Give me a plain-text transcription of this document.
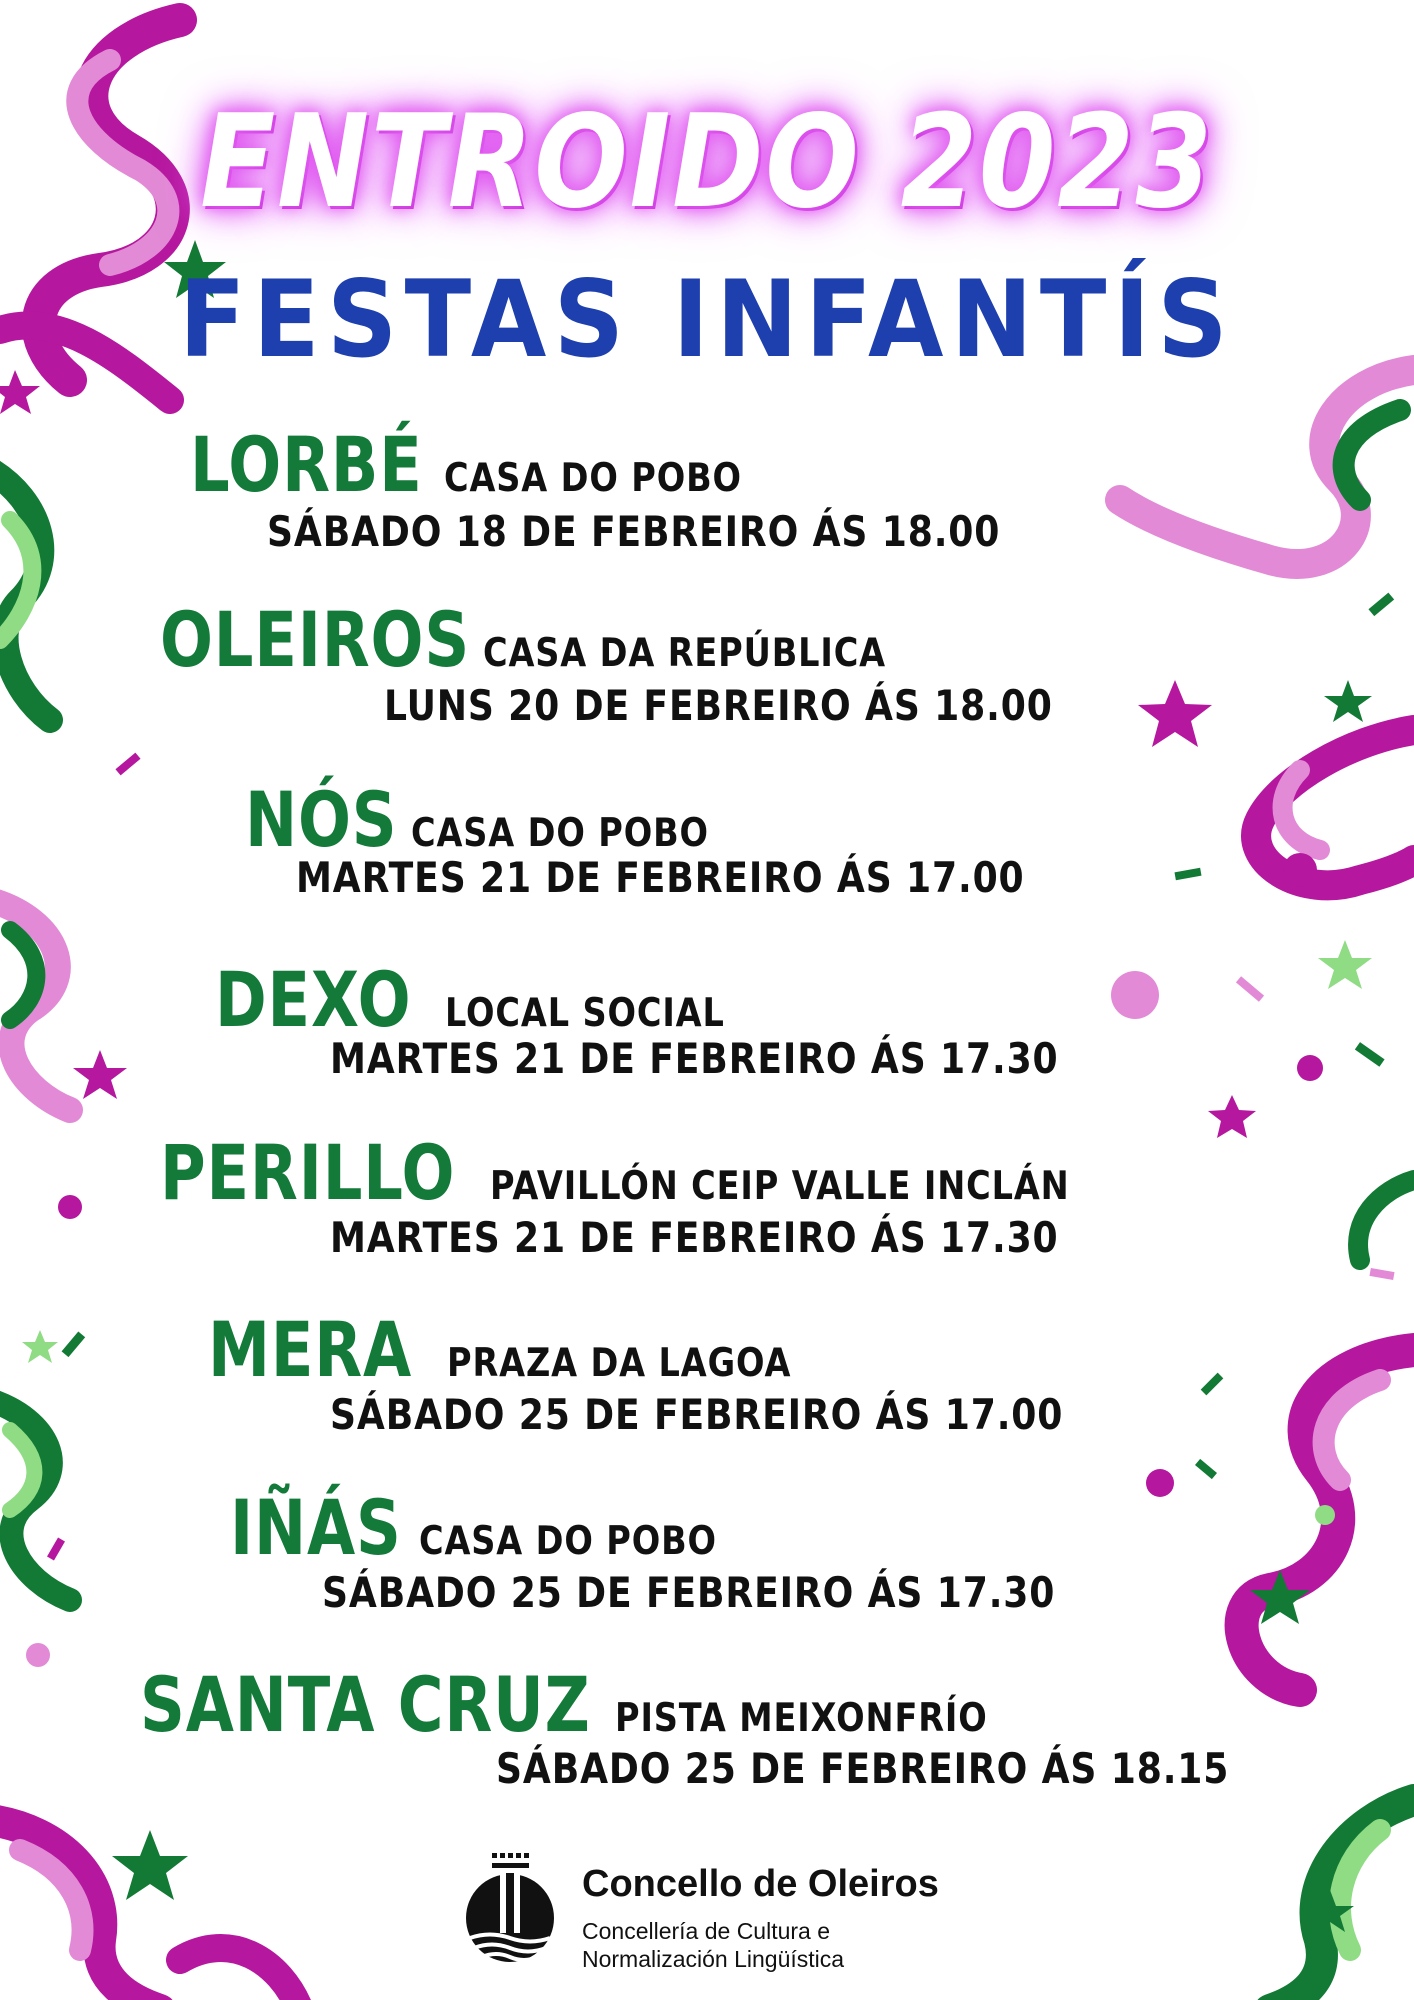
ENTROIDO 2023
FESTAS INFANTÍS
LORBÉ CASA DO POBO
SÁBADO 18 DE FEBREIRO ÁS 18.00
OLEIROS CASA DA REPÚBLICA
LUNS 20 DE FEBREIRO ÁS 18.00
NÓS CASA DO POBO
MARTES 21 DE FEBREIRO ÁS 17.00
DEXO LOCAL SOCIAL
MARTES 21 DE FEBREIRO ÁS 17.30
PERILLO PAVILLÓN CEIP VALLE INCLÁN
MARTES 21 DE FEBREIRO ÁS 17.30
MERA PRAZA DA LAGOA
SÁBADO 25 DE FEBREIRO ÁS 17.00
IÑÁS CASA DO POBO
SÁBADO 25 DE FEBREIRO ÁS 17.30
SANTA CRUZ PISTA MEIXONFRÍO
SÁBADO 25 DE FEBREIRO ÁS 18.15
Concello de Oleiros
Concellería de Cultura e
Normalización Lingüística
